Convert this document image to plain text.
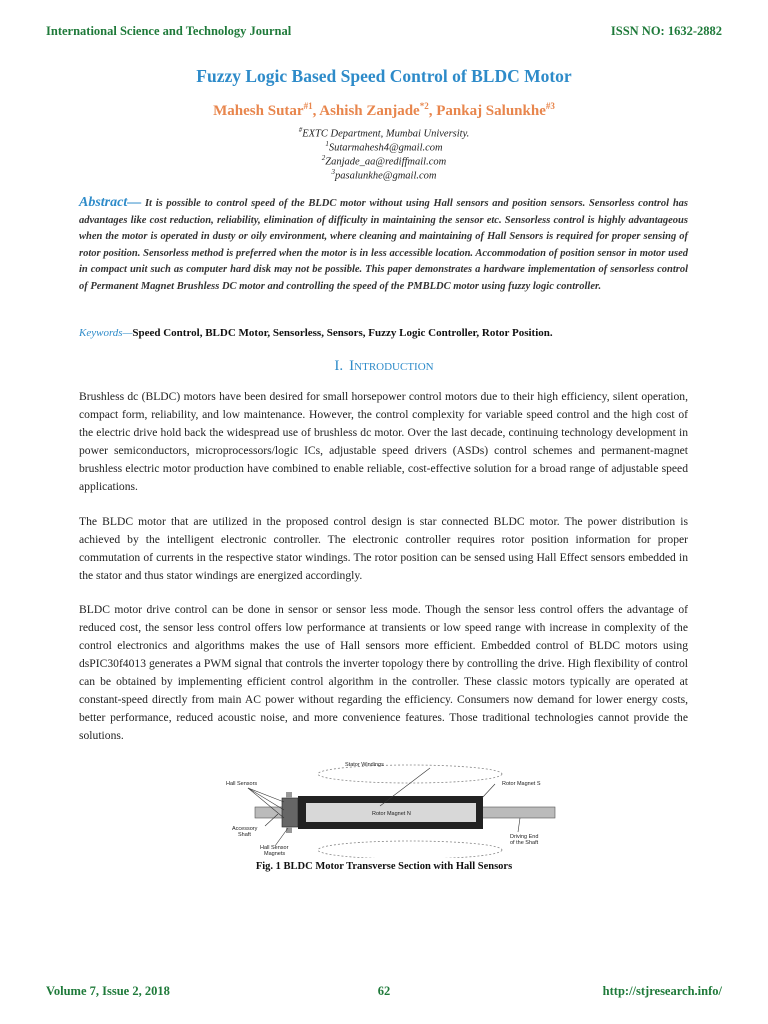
International Science and Technology Journal	ISSN NO: 1632-2882
Fuzzy Logic Based Speed Control of BLDC Motor
Mahesh Sutar$^{\#1}$, Ashish Zanjade$^{*2}$, Pankaj Salunkhe$^{\#3}$
#EXTC Department, Mumbai University.
$^1$Sutarmahesh4@gmail.com
$^2$Zanjade_aa@rediffmail.com
$^3$pasalunkhe@gmail.com
Abstract— It is possible to control speed of the BLDC motor without using Hall sensors and position sensors. Sensorless control has advantages like cost reduction, reliability, elimination of difficulty in maintaining the sensor etc. Sensorless control is highly advantageous when the motor is operated in dusty or oily environment, where cleaning and maintaining of Hall Sensors is required for proper sensing of rotor position. Sensorless method is preferred when the motor is in less accessible location. Accommodation of position sensor in motor used in compact unit such as computer hard disk may not be possible. This paper demonstrates a hardware implementation of sensorless control of Permanent Magnet Brushless DC motor and controlling the speed of the PMBLDC motor using fuzzy logic controller.
Keywords—Speed Control, BLDC Motor, Sensorless, Sensors, Fuzzy Logic Controller, Rotor Position.
I. Introduction
Brushless dc (BLDC) motors have been desired for small horsepower control motors due to their high efficiency, silent operation, compact form, reliability, and low maintenance. However, the control complexity for variable speed control and the high cost of the electric drive hold back the widespread use of brushless dc motor. Over the last decade, continuing technology development in power semiconductors, microprocessors/logic ICs, adjustable speed drivers (ASDs) control schemes and permanent-magnet brushless electric motor production have combined to enable reliable, cost-effective solution for a broad range of adjustable speed applications.
The BLDC motor that are utilized in the proposed control design is star connected BLDC motor. The power distribution is achieved by the intelligent electronic controller. The electronic controller requires rotor position information for proper commutation of currents in the respective stator windings. The rotor position can be sensed using Hall Effect sensors embedded in the stator and thus stator windings are energized accordingly.
BLDC motor drive control can be done in sensor or sensor less mode. Though the sensor less control offers the advantage of reduced cost, the sensor less control offers low performance at transients or low speed range with increase in complexity of the control electronics and algorithms makes the use of Hall sensors more efficient. Embedded control of BLDC motors using dsPIC30f4013 generates a PWM signal that controls the inverter topology there by controlling the drive. High flexibility of control can be obtained by implementing efficient control algorithm in the controller. These classic motors typically are operated at constant-speed directly from main AC power without regarding the efficiency. Consumers now demand for lower energy costs, better performance, reduced acoustic noise, and more convenience features. Those traditional technologies cannot provide the solutions.
Stator Windings
Hall Sensors	Rotor Magnet S
Rotor Magnet N
Accessory Shaft
Hall Sensor Magnets
Driving End of the Shaft
Fig. 1 BLDC Motor Transverse Section with Hall Sensors
Volume 7, Issue 2, 2018	62	http://stjresearch.info/
